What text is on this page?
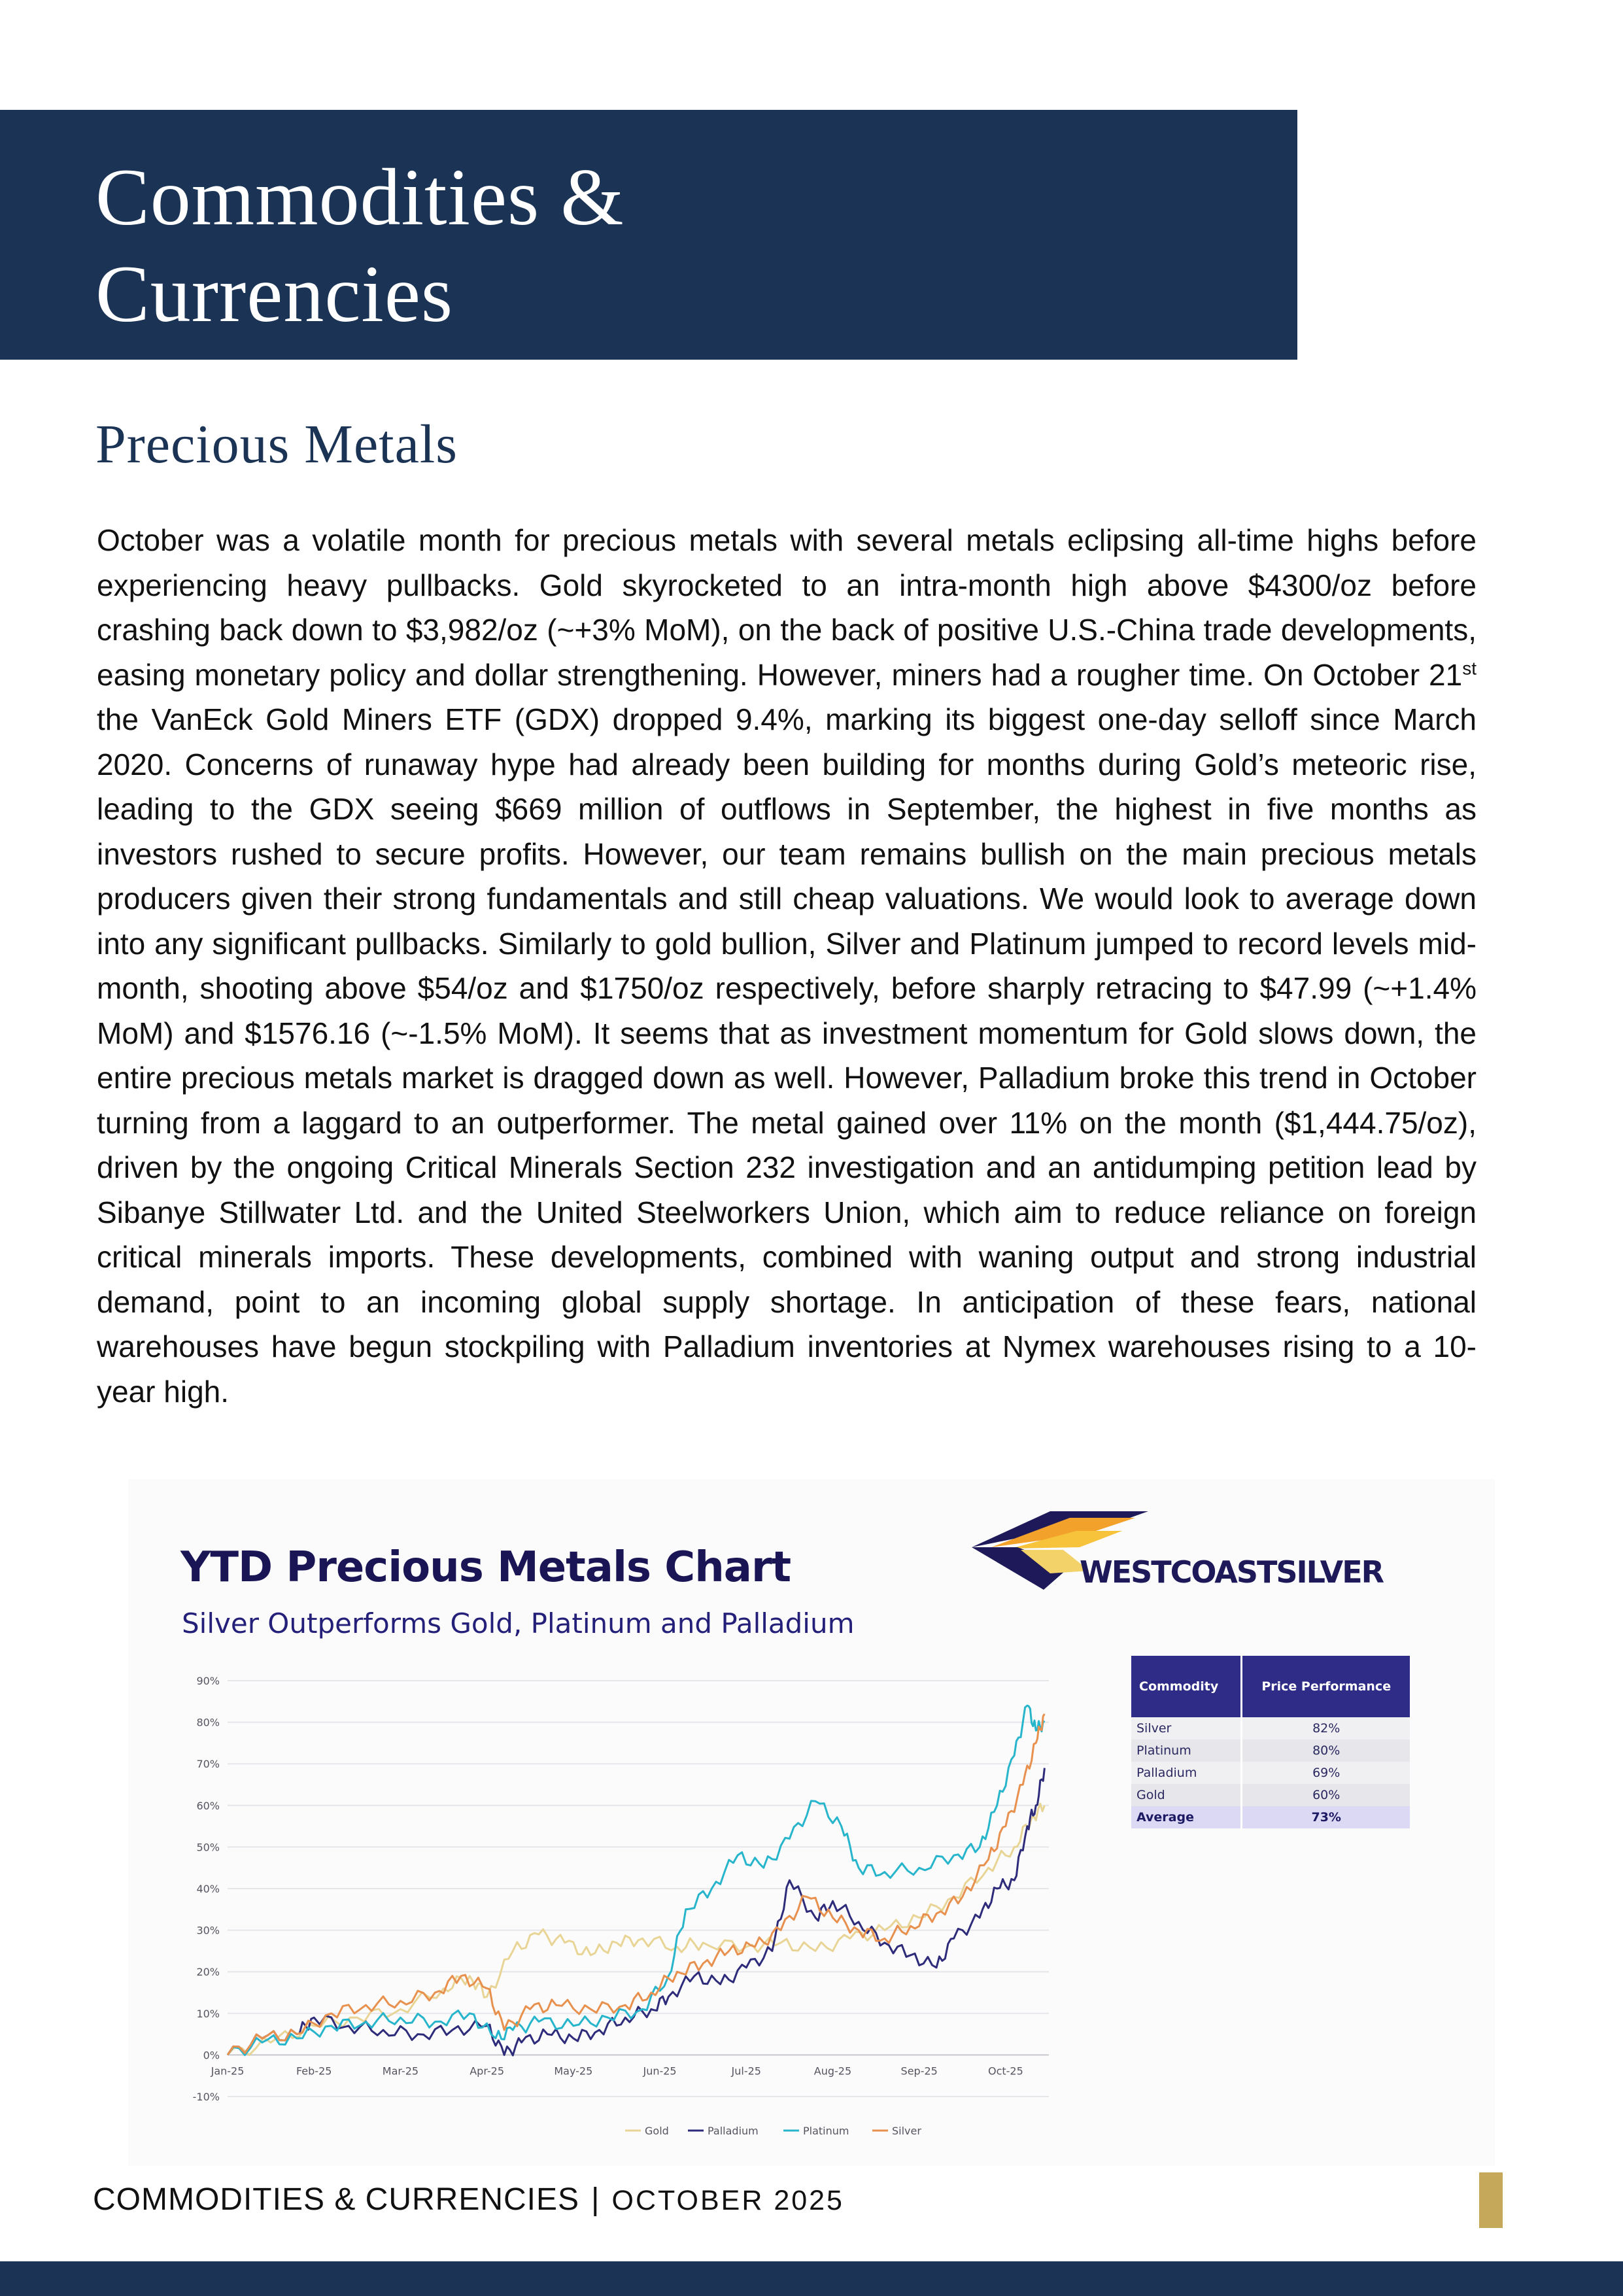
Commodities &
Currencies
Precious Metals

October was a volatile month for precious metals with several metals eclipsing all-time highs before experiencing heavy pullbacks. Gold skyrocketed to an intra-month high above $4300/oz before crashing back down to $3,982/oz (~+3% MoM), on the back of positive U.S.-China trade developments, easing monetary policy and dollar strengthening. However, miners had a rougher time. On October 21st the VanEck Gold Miners ETF (GDX) dropped 9.4%, marking its biggest one-day selloff since March 2020. Concerns of runaway hype had already been building for months during Gold’s meteoric rise, leading to the GDX seeing $669 million of outflows in September, the highest in five months as investors rushed to secure profits. However, our team remains bullish on the main precious metals producers given their strong fundamentals and still cheap valuations. We would look to average down into any significant pullbacks. Similarly to gold bullion, Silver and Platinum jumped to record levels mid-month, shooting above $54/oz and $1750/oz respectively, before sharply retracing to $47.99 (~+1.4% MoM) and $1576.16 (~-1.5% MoM). It seems that as investment momentum for Gold slows down, the entire precious metals market is dragged down as well. However, Palladium broke this trend in October turning from a laggard to an outperformer. The metal gained over 11% on the month ($1,444.75/oz), driven by the ongoing Critical Minerals Section 232 investigation and an antidumping petition lead by Sibanye Stillwater Ltd. and the United Steelworkers Union, which aim to reduce reliance on foreign critical minerals imports. These developments, combined with waning output and strong industrial demand, point to an incoming global supply shortage. In anticipation of these fears, national warehouses have begun stockpiling with Palladium inventories at Nymex warehouses rising to a 10-year high.

-10%
0%
10%
20%
30%
40%
50%
60%
70%
80%
90%
Jan-25	Feb-25	Mar-25	Apr-25	May-25	Jun-25	Jul-25	Aug-25	Sep-25	Oct-25
Gold	Palladium	Platinum	Silver
YTD Precious Metals Chart
Silver Outperforms Gold, Platinum and Palladium
WESTCOASTSILVER
Commodity	Price Performance
Silver	82%
Platinum	80%
Palladium	69%
Gold	60%
Average	73%
COMMODITIES & CURRENCIES | OCTOBER 2025
